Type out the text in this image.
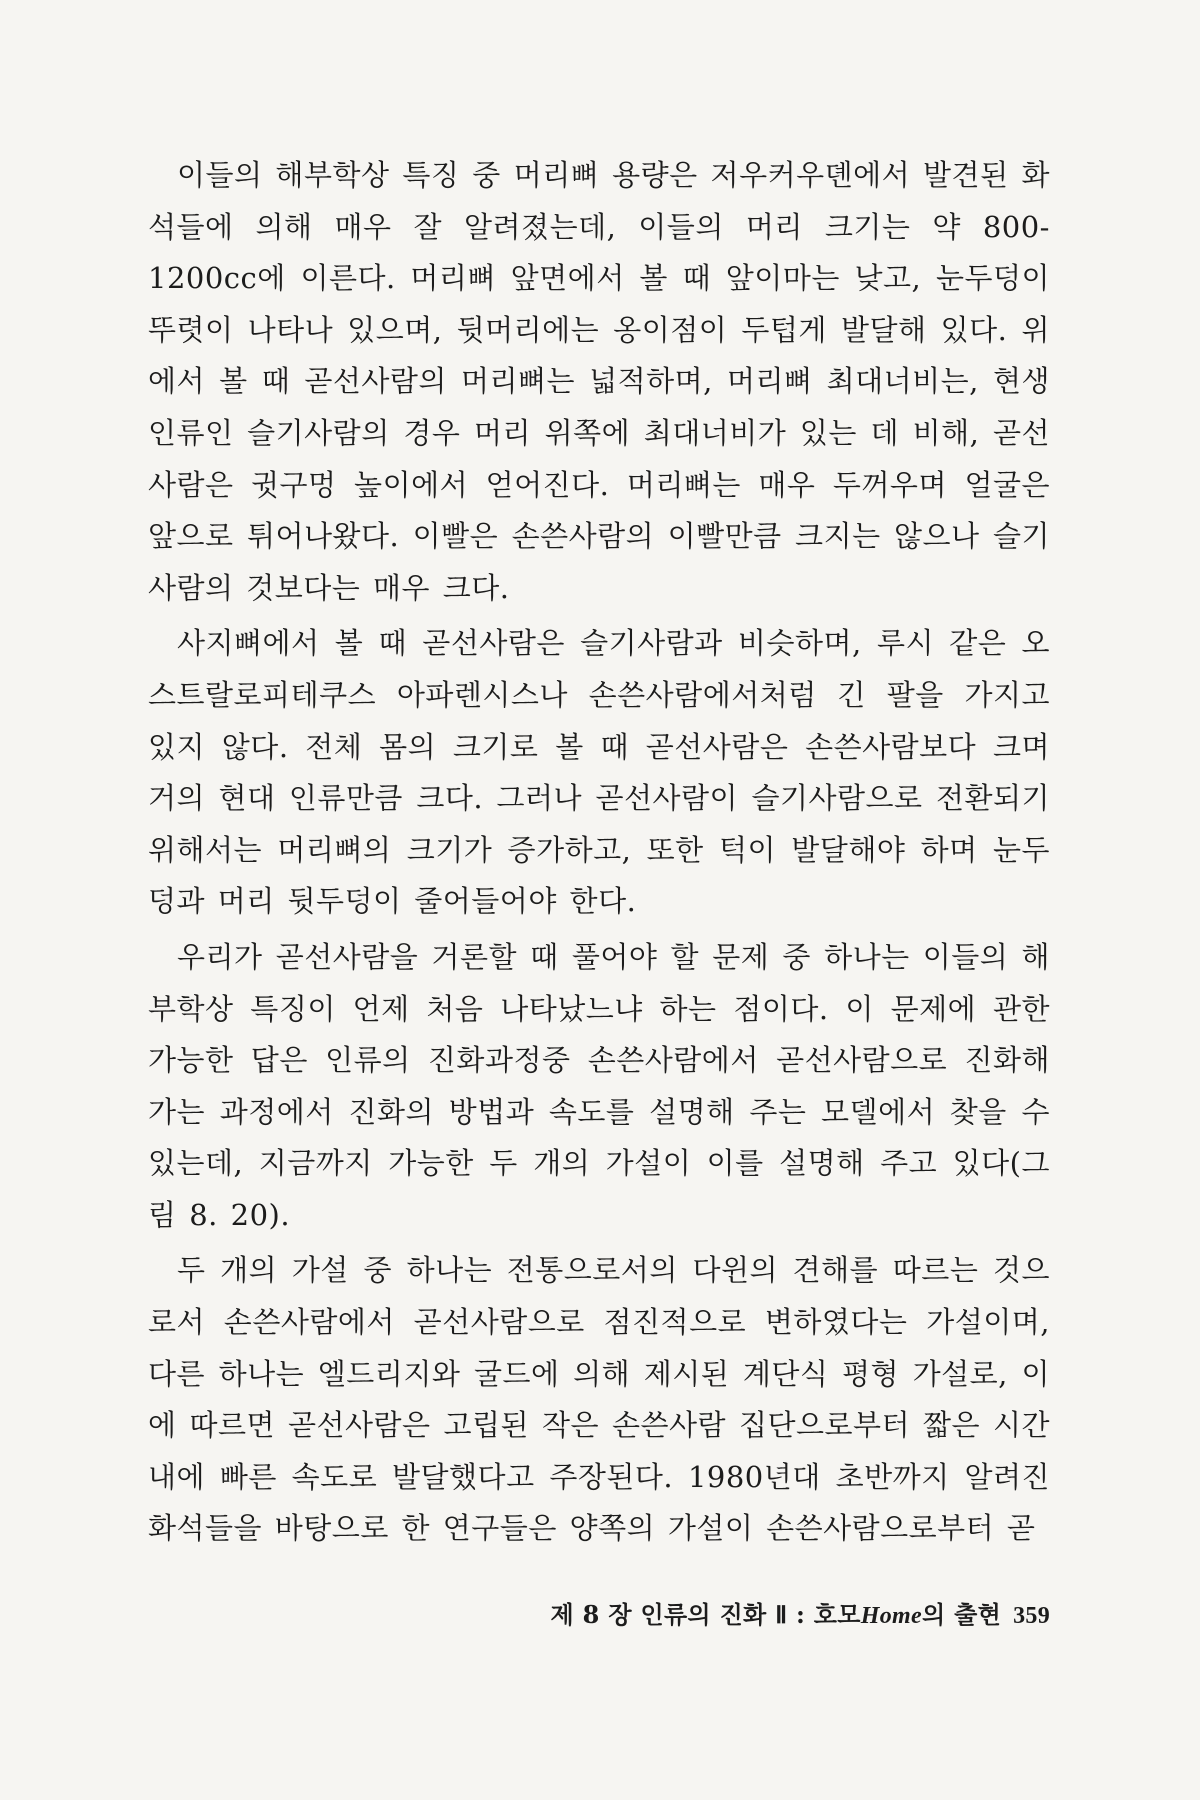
이들의 해부학상 특징 중 머리뼈 용량은 저우커우뎬에서 발견된 화석들에 의해 매우 잘 알려졌는데, 이들의 머리 크기는 약 800-1200cc에 이른다. 머리뼈 앞면에서 볼 때 앞이마는 낮고, 눈두덩이 뚜렷이 나타나 있으며, 뒷머리에는 옹이점이 두텁게 발달해 있다. 위에서 볼 때 곧선사람의 머리뼈는 넓적하며, 머리뼈 최대너비는, 현생인류인 슬기사람의 경우 머리 위쪽에 최대너비가 있는 데 비해, 곧선사람은 귓구멍 높이에서 얻어진다. 머리뼈는 매우 두꺼우며 얼굴은 앞으로 튀어나왔다. 이빨은 손쓴사람의 이빨만큼 크지는 않으나 슬기사람의 것보다는 매우 크다.

사지뼈에서 볼 때 곧선사람은 슬기사람과 비슷하며, 루시 같은 오스트랄로피테쿠스 아파렌시스나 손쓴사람에서처럼 긴 팔을 가지고 있지 않다. 전체 몸의 크기로 볼 때 곧선사람은 손쓴사람보다 크며 거의 현대 인류만큼 크다. 그러나 곧선사람이 슬기사람으로 전환되기 위해서는 머리뼈의 크기가 증가하고, 또한 턱이 발달해야 하며 눈두덩과 머리 뒷두덩이 줄어들어야 한다.

우리가 곧선사람을 거론할 때 풀어야 할 문제 중 하나는 이들의 해부학상 특징이 언제 처음 나타났느냐 하는 점이다. 이 문제에 관한 가능한 답은 인류의 진화과정중 손쓴사람에서 곧선사람으로 진화해 가는 과정에서 진화의 방법과 속도를 설명해 주는 모델에서 찾을 수 있는데, 지금까지 가능한 두 개의 가설이 이를 설명해 주고 있다(그림 8. 20).

두 개의 가설 중 하나는 전통으로서의 다윈의 견해를 따르는 것으로서 손쓴사람에서 곧선사람으로 점진적으로 변하였다는 가설이며, 다른 하나는 엘드리지와 굴드에 의해 제시된 계단식 평형 가설로, 이에 따르면 곧선사람은 고립된 작은 손쓴사람 집단으로부터 짧은 시간 내에 빠른 속도로 발달했다고 주장된다. 1980년대 초반까지 알려진 화석들을 바탕으로 한 연구들은 양쪽의 가설이 손쓴사람으로부터 곧

제 8 장 인류의 진화 Ⅱ : 호모Home의 출현 359
